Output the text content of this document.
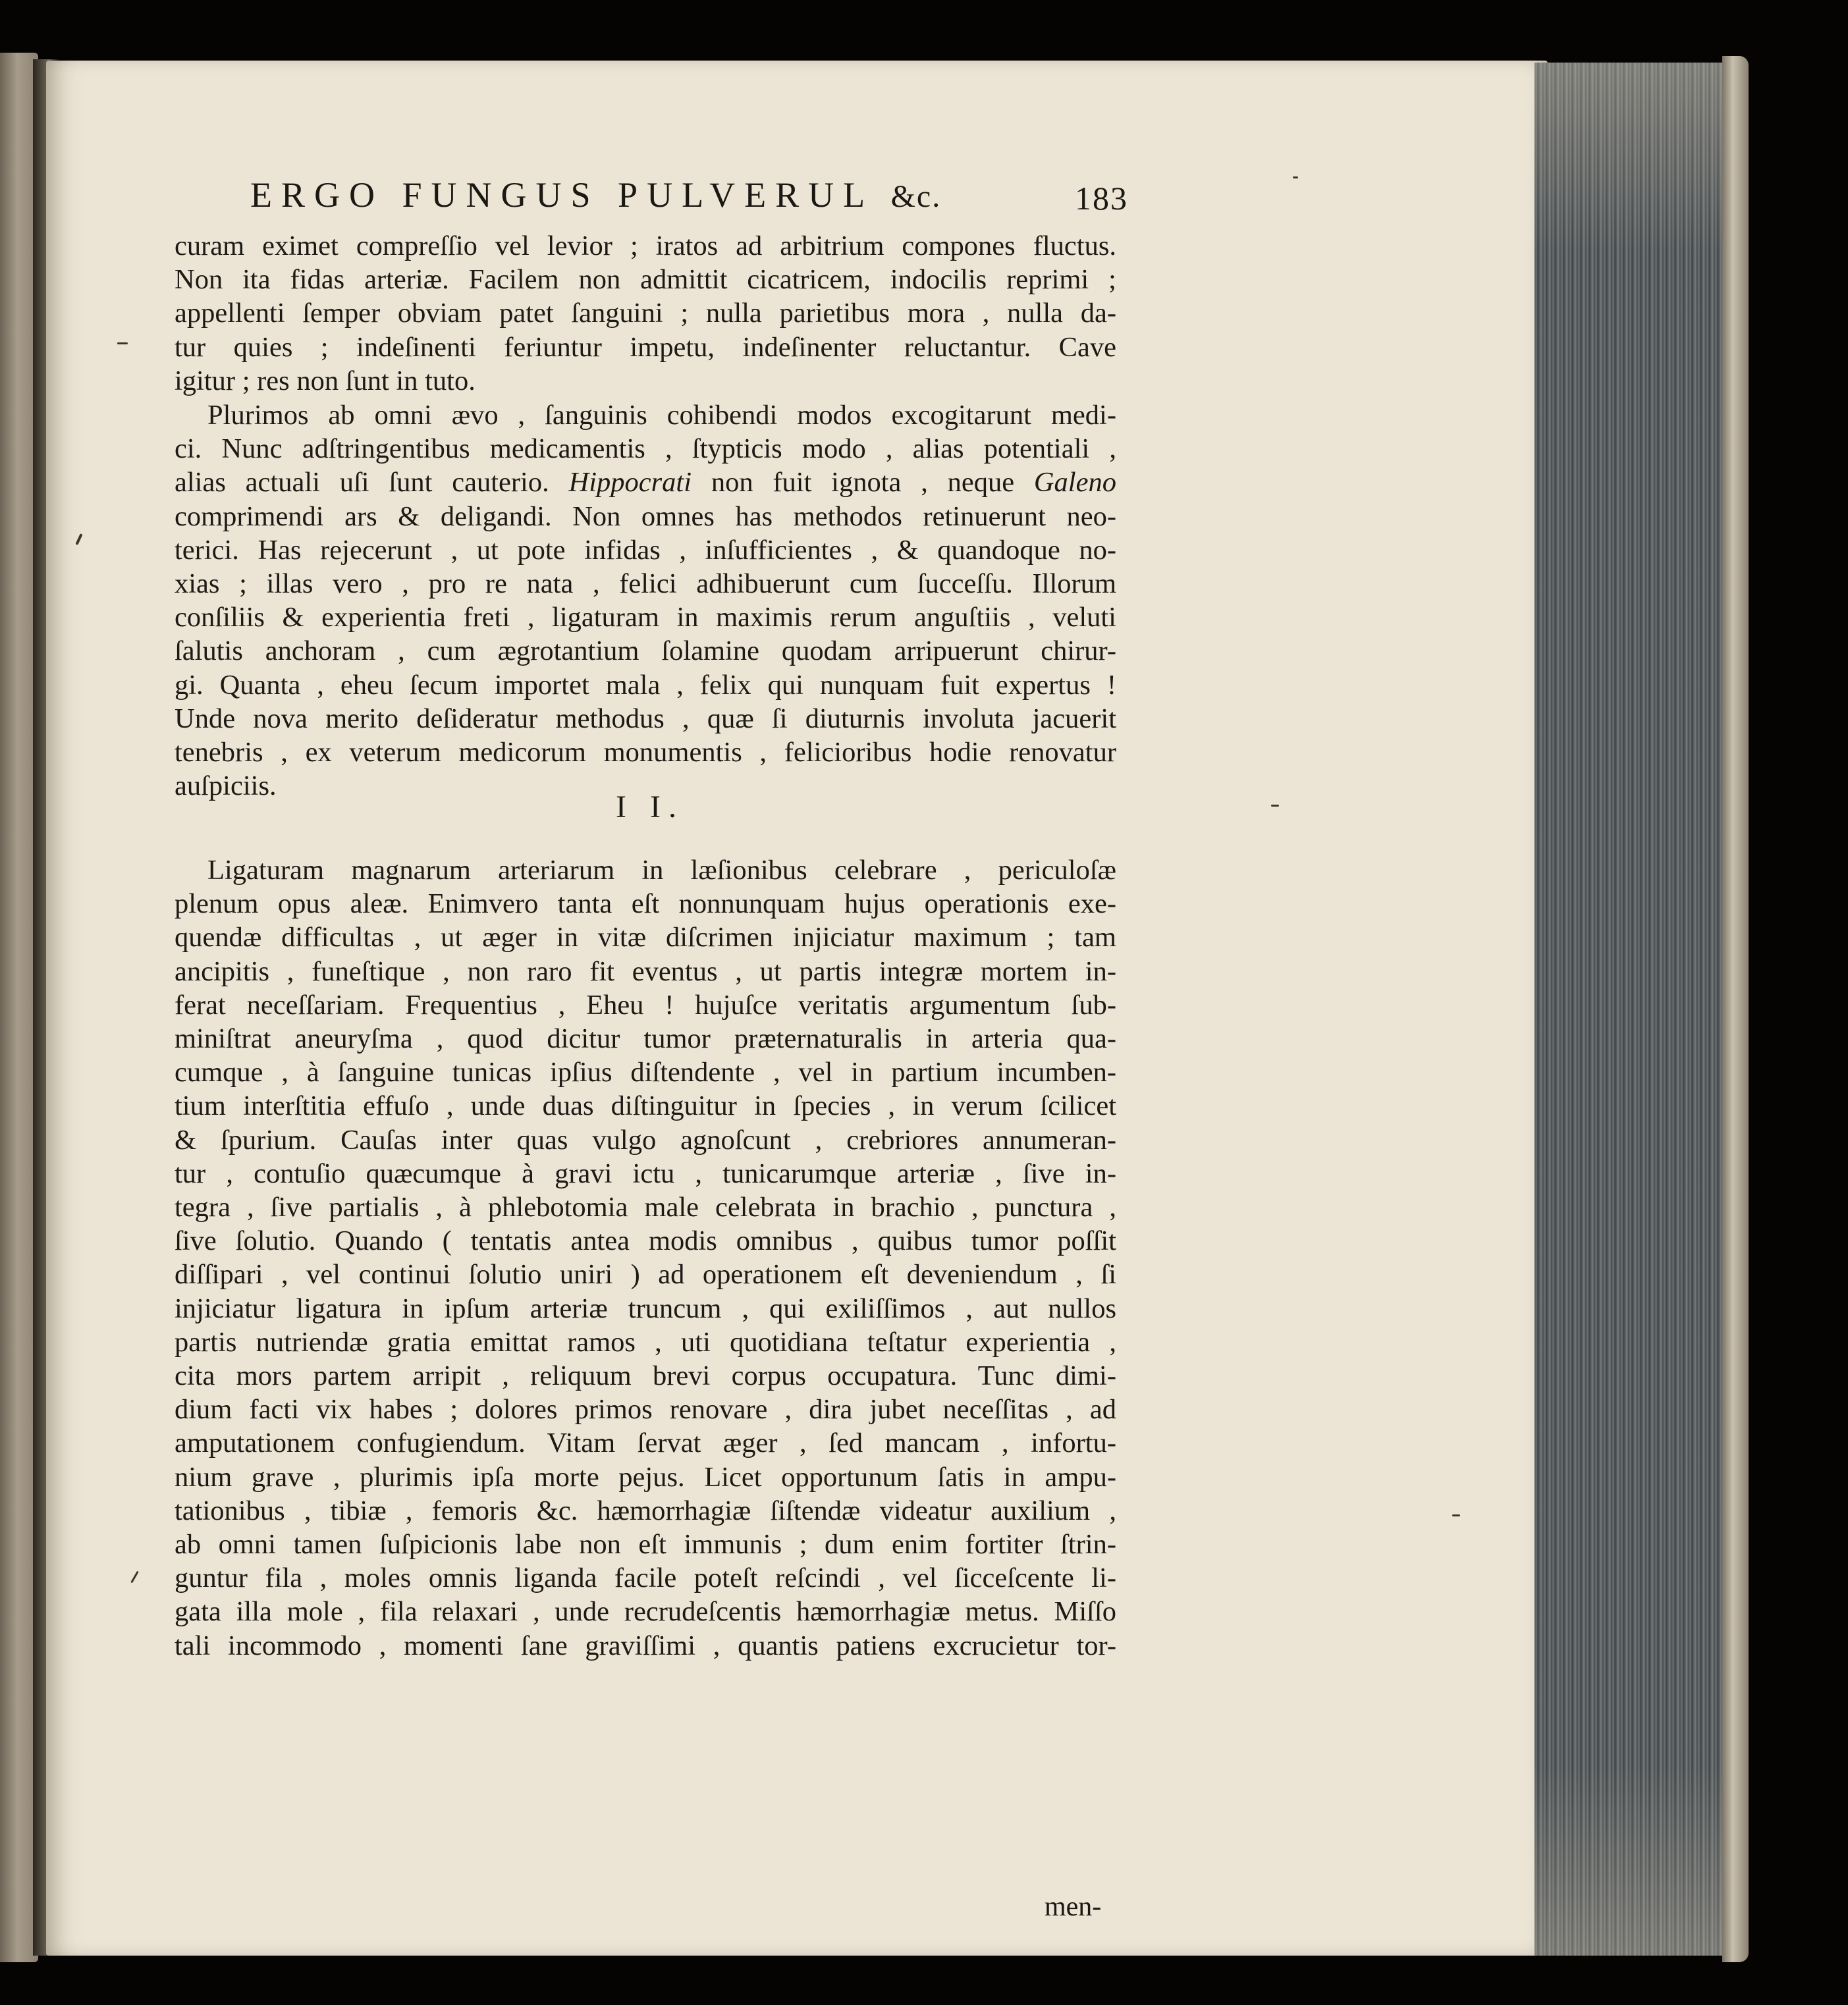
ERGO FUNGUS PULVERUL &c.	183
curam eximet compreſſio vel levior ; iratos ad arbitrium compones fluctus.
Non ita fidas arteriæ. Facilem non admittit cicatricem, indocilis reprimi ;
appellenti ſemper obviam patet ſanguini ; nulla parietibus mora , nulla da-
tur quies ; indeſinenti feriuntur impetu, indeſinenter reluctantur. Cave
igitur ; res non ſunt in tuto.
Plurimos ab omni ævo , ſanguinis cohibendi modos excogitarunt medi-
ci. Nunc adſtringentibus medicamentis , ſtypticis modo , alias potentiali ,
alias actuali uſi ſunt cauterio. Hippocrati non fuit ignota , neque Galeno
comprimendi ars & deligandi. Non omnes has methodos retinuerunt neo-
terici. Has rejecerunt , ut pote infidas , inſufficientes , & quandoque no-
xias ; illas vero , pro re nata , felici adhibuerunt cum ſucceſſu. Illorum
conſiliis & experientia freti , ligaturam in maximis rerum anguſtiis , veluti
ſalutis anchoram , cum ægrotantium ſolamine quodam arripuerunt chirur-
gi. Quanta , eheu ſecum importet mala , felix qui nunquam fuit expertus !
Unde nova merito deſideratur methodus , quæ ſi diuturnis involuta jacuerit
tenebris , ex veterum medicorum monumentis , felicioribus hodie renovatur
auſpiciis.
I I.
Ligaturam magnarum arteriarum in læſionibus celebrare , periculoſæ
plenum opus aleæ. Enimvero tanta eſt nonnunquam hujus operationis exe-
quendæ difficultas , ut æger in vitæ diſcrimen injiciatur maximum ; tam
ancipitis , funeſtique , non raro fit eventus , ut partis integræ mortem in-
ferat neceſſariam. Frequentius , Eheu ! hujuſce veritatis argumentum ſub-
miniſtrat aneuryſma , quod dicitur tumor præternaturalis in arteria qua-
cumque , à ſanguine tunicas ipſius diſtendente , vel in partium incumben-
tium interſtitia effuſo , unde duas diſtinguitur in ſpecies , in verum ſcilicet
& ſpurium. Cauſas inter quas vulgo agnoſcunt , crebriores annumeran-
tur , contuſio quæcumque à gravi ictu , tunicarumque arteriæ , ſive in-
tegra , ſive partialis , à phlebotomia male celebrata in brachio , punctura ,
ſive ſolutio. Quando ( tentatis antea modis omnibus , quibus tumor poſſit
diſſipari , vel continui ſolutio uniri ) ad operationem eſt deveniendum , ſi
injiciatur ligatura in ipſum arteriæ truncum , qui exiliſſimos , aut nullos
partis nutriendæ gratia emittat ramos , uti quotidiana teſtatur experientia ,
cita mors partem arripit , reliquum brevi corpus occupatura. Tunc dimi-
dium facti vix habes ; dolores primos renovare , dira jubet neceſſitas , ad
amputationem confugiendum. Vitam ſervat æger , ſed mancam , infortu-
nium grave , plurimis ipſa morte pejus. Licet opportunum ſatis in ampu-
tationibus , tibiæ , femoris &c. hæmorrhagiæ ſiſtendæ videatur auxilium ,
ab omni tamen ſuſpicionis labe non eſt immunis ; dum enim fortiter ſtrin-
guntur fila , moles omnis liganda facile poteſt reſcindi , vel ſicceſcente li-
gata illa mole , fila relaxari , unde recrudeſcentis hæmorrhagiæ metus. Miſſo
tali incommodo , momenti ſane graviſſimi , quantis patiens excrucietur tor-
men-
